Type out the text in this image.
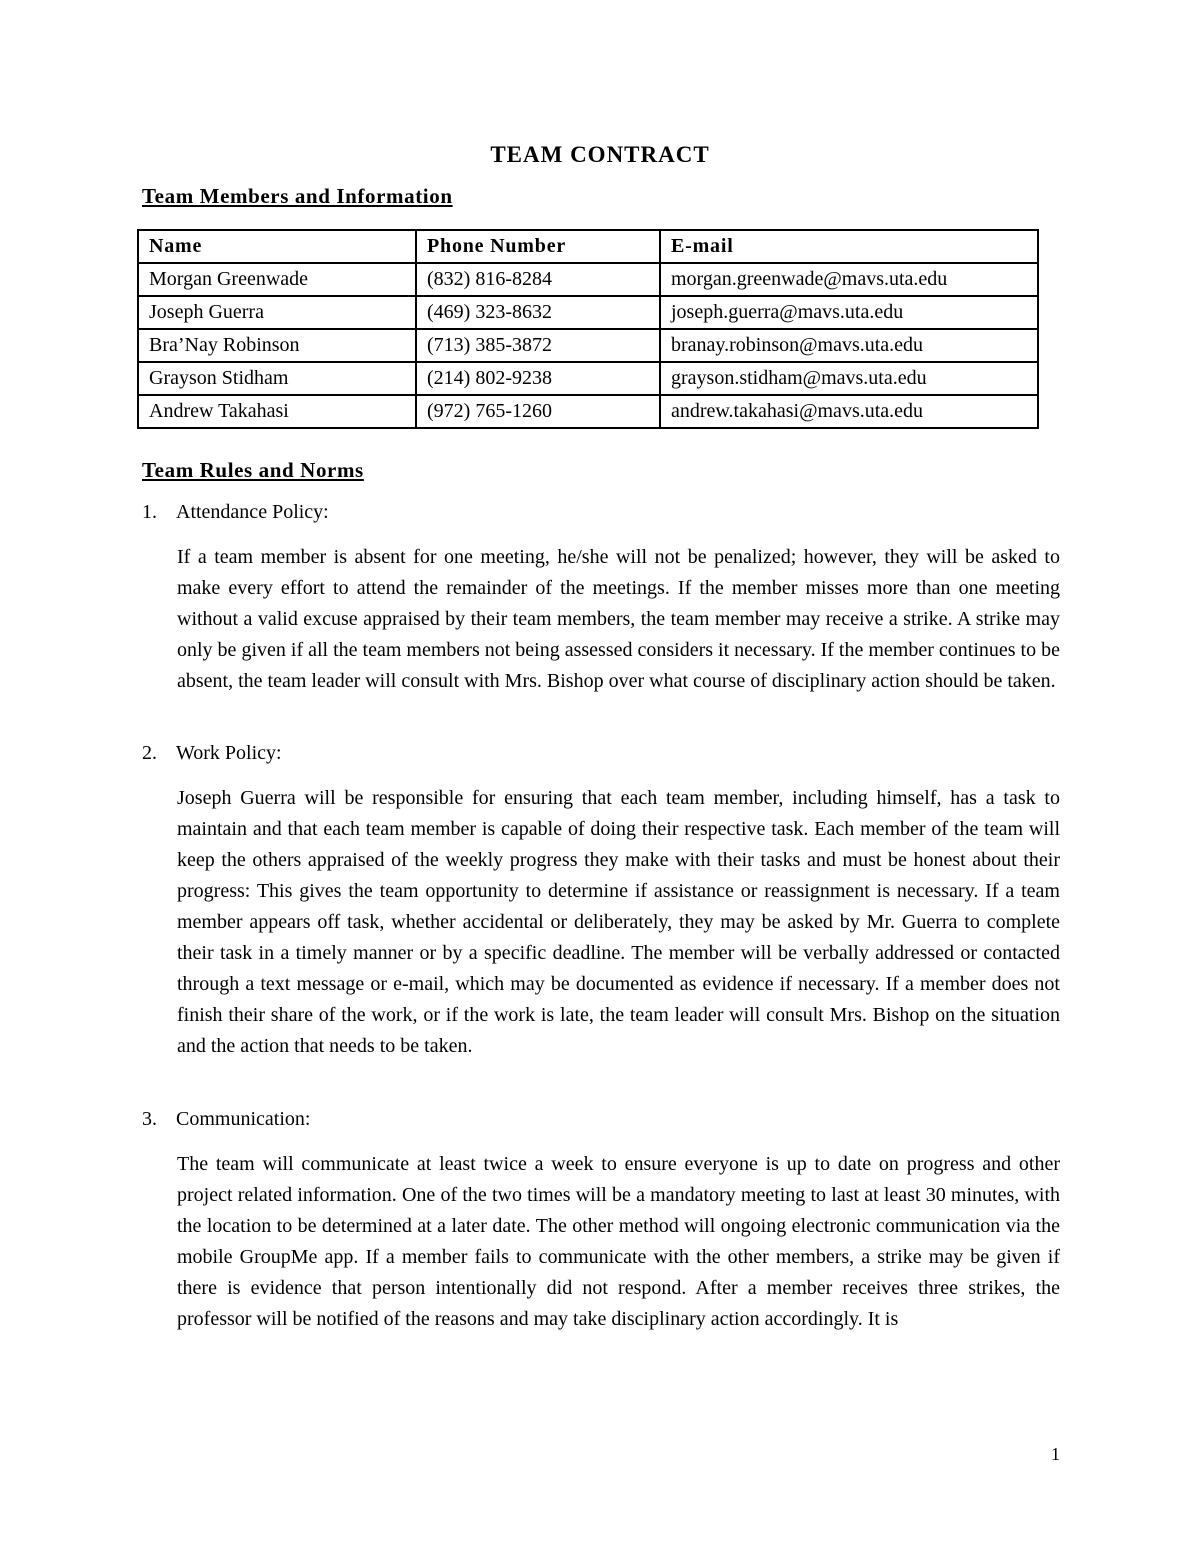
TEAM CONTRACT
Team Members and Information
Name	Phone Number	E-mail
Morgan Greenwade	(832) 816-8284	morgan.greenwade@mavs.uta.edu
Joseph Guerra	(469) 323-8632	joseph.guerra@mavs.uta.edu
Bra’Nay Robinson	(713) 385-3872	branay.robinson@mavs.uta.edu
Grayson Stidham	(214) 802-9238	grayson.stidham@mavs.uta.edu
Andrew Takahasi	(972) 765-1260	andrew.takahasi@mavs.uta.edu
Team Rules and Norms

1. Attendance Policy:

If a team member is absent for one meeting, he/she will not be penalized; however, they will be asked to make every effort to attend the remainder of the meetings. If the member misses more than one meeting without a valid excuse appraised by their team members, the team member may receive a strike. A strike may only be given if all the team members not being assessed considers it necessary. If the member continues to be absent, the team leader will consult with Mrs. Bishop over what course of disciplinary action should be taken.

2. Work Policy:

Joseph Guerra will be responsible for ensuring that each team member, including himself, has a task to maintain and that each team member is capable of doing their respective task. Each member of the team will keep the others appraised of the weekly progress they make with their tasks and must be honest about their progress: This gives the team opportunity to determine if assistance or reassignment is necessary. If a team member appears off task, whether accidental or deliberately, they may be asked by Mr. Guerra to complete their task in a timely manner or by a specific deadline. The member will be verbally addressed or contacted through a text message or e-mail, which may be documented as evidence if necessary. If a member does not finish their share of the work, or if the work is late, the team leader will consult Mrs. Bishop on the situation and the action that needs to be taken.

3. Communication:

The team will communicate at least twice a week to ensure everyone is up to date on progress and other project related information. One of the two times will be a mandatory meeting to last at least 30 minutes, with the location to be determined at a later date. The other method will ongoing electronic communication via the mobile GroupMe app. If a member fails to communicate with the other members, a strike may be given if there is evidence that person intentionally did not respond. After a member receives three strikes, the professor will be notified of the reasons and may take disciplinary action accordingly. It is

1
